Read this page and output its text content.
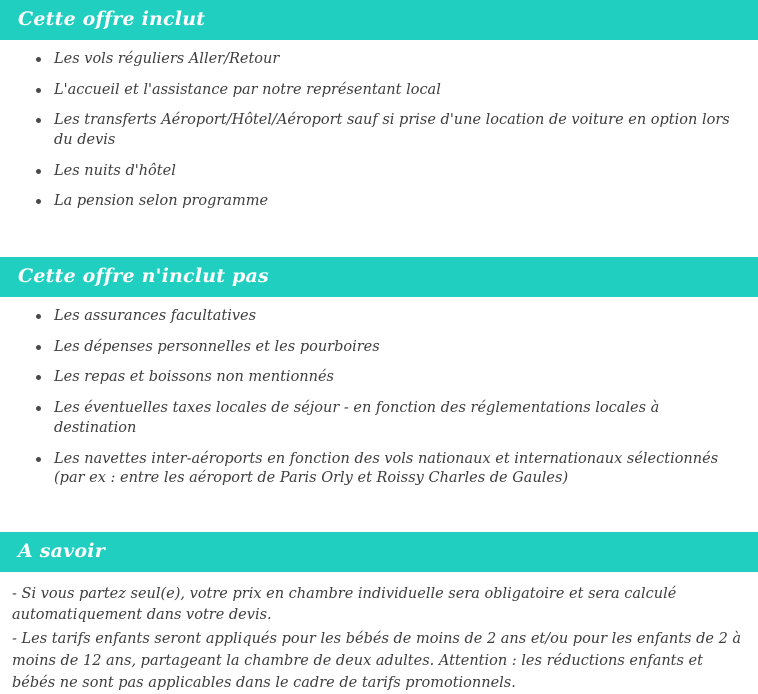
Cette offre inclut
Les vols réguliers Aller/Retour
L'accueil et l'assistance par notre représentant local
Les transferts Aéroport/Hôtel/Aéroport sauf si prise d'une location de voiture en option lors du devis
Les nuits d'hôtel
La pension selon programme
Cette offre n'inclut pas
Les assurances facultatives
Les dépenses personnelles et les pourboires
Les repas et boissons non mentionnés
Les éventuelles taxes locales de séjour - en fonction des réglementations locales à destination
Les navettes inter-aéroports en fonction des vols nationaux et internationaux sélectionnés (par ex : entre les aéroport de Paris Orly et Roissy Charles de Gaules)
A savoir

- Si vous partez seul(e), votre prix en chambre individuelle sera obligatoire et sera calculé automatiquement dans votre devis.

- Les tarifs enfants seront appliqués pour les bébés de moins de 2 ans et/ou pour les enfants de 2 à moins de 12 ans, partageant la chambre de deux adultes. Attention : les réductions enfants et bébés ne sont pas applicables dans le cadre de tarifs promotionnels.
